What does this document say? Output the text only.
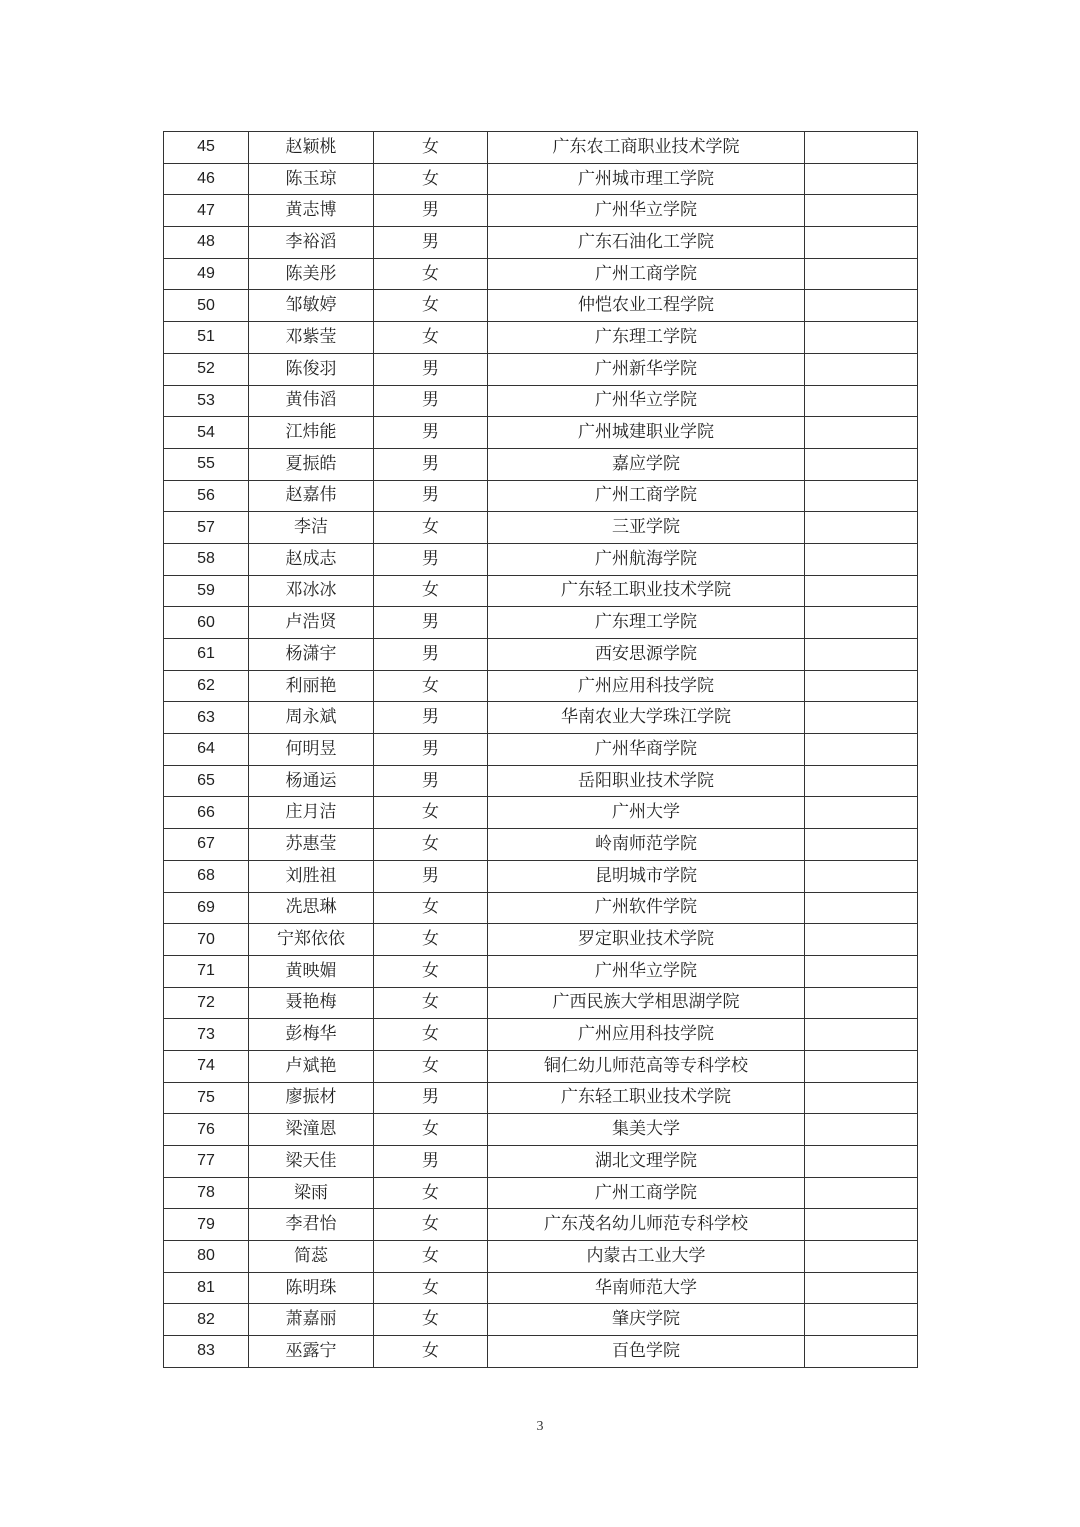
45	赵颖桃	女	广东农工商职业技术学院	
46	陈玉琼	女	广州城市理工学院	
47	黄志博	男	广州华立学院	
48	李裕滔	男	广东石油化工学院	
49	陈美彤	女	广州工商学院	
50	邹敏婷	女	仲恺农业工程学院	
51	邓紫莹	女	广东理工学院	
52	陈俊羽	男	广州新华学院	
53	黄伟滔	男	广州华立学院	
54	江炜能	男	广州城建职业学院	
55	夏振皓	男	嘉应学院	
56	赵嘉伟	男	广州工商学院	
57	李洁	女	三亚学院	
58	赵成志	男	广州航海学院	
59	邓冰冰	女	广东轻工职业技术学院	
60	卢浩贤	男	广东理工学院	
61	杨潇宇	男	西安思源学院	
62	利丽艳	女	广州应用科技学院	
63	周永斌	男	华南农业大学珠江学院	
64	何明昱	男	广州华商学院	
65	杨通运	男	岳阳职业技术学院	
66	庄月洁	女	广州大学	
67	苏惠莹	女	岭南师范学院	
68	刘胜祖	男	昆明城市学院	
69	冼思琳	女	广州软件学院	
70	宁郑依依	女	罗定职业技术学院	
71	黄映媚	女	广州华立学院	
72	聂艳梅	女	广西民族大学相思湖学院	
73	彭梅华	女	广州应用科技学院	
74	卢斌艳	女	铜仁幼儿师范高等专科学校	
75	廖振材	男	广东轻工职业技术学院	
76	梁潼恩	女	集美大学	
77	梁天佳	男	湖北文理学院	
78	梁雨	女	广州工商学院	
79	李君怡	女	广东茂名幼儿师范专科学校	
80	简蕊	女	内蒙古工业大学	
81	陈明珠	女	华南师范大学	
82	萧嘉丽	女	肇庆学院	
83	巫露宁	女	百色学院	
3
